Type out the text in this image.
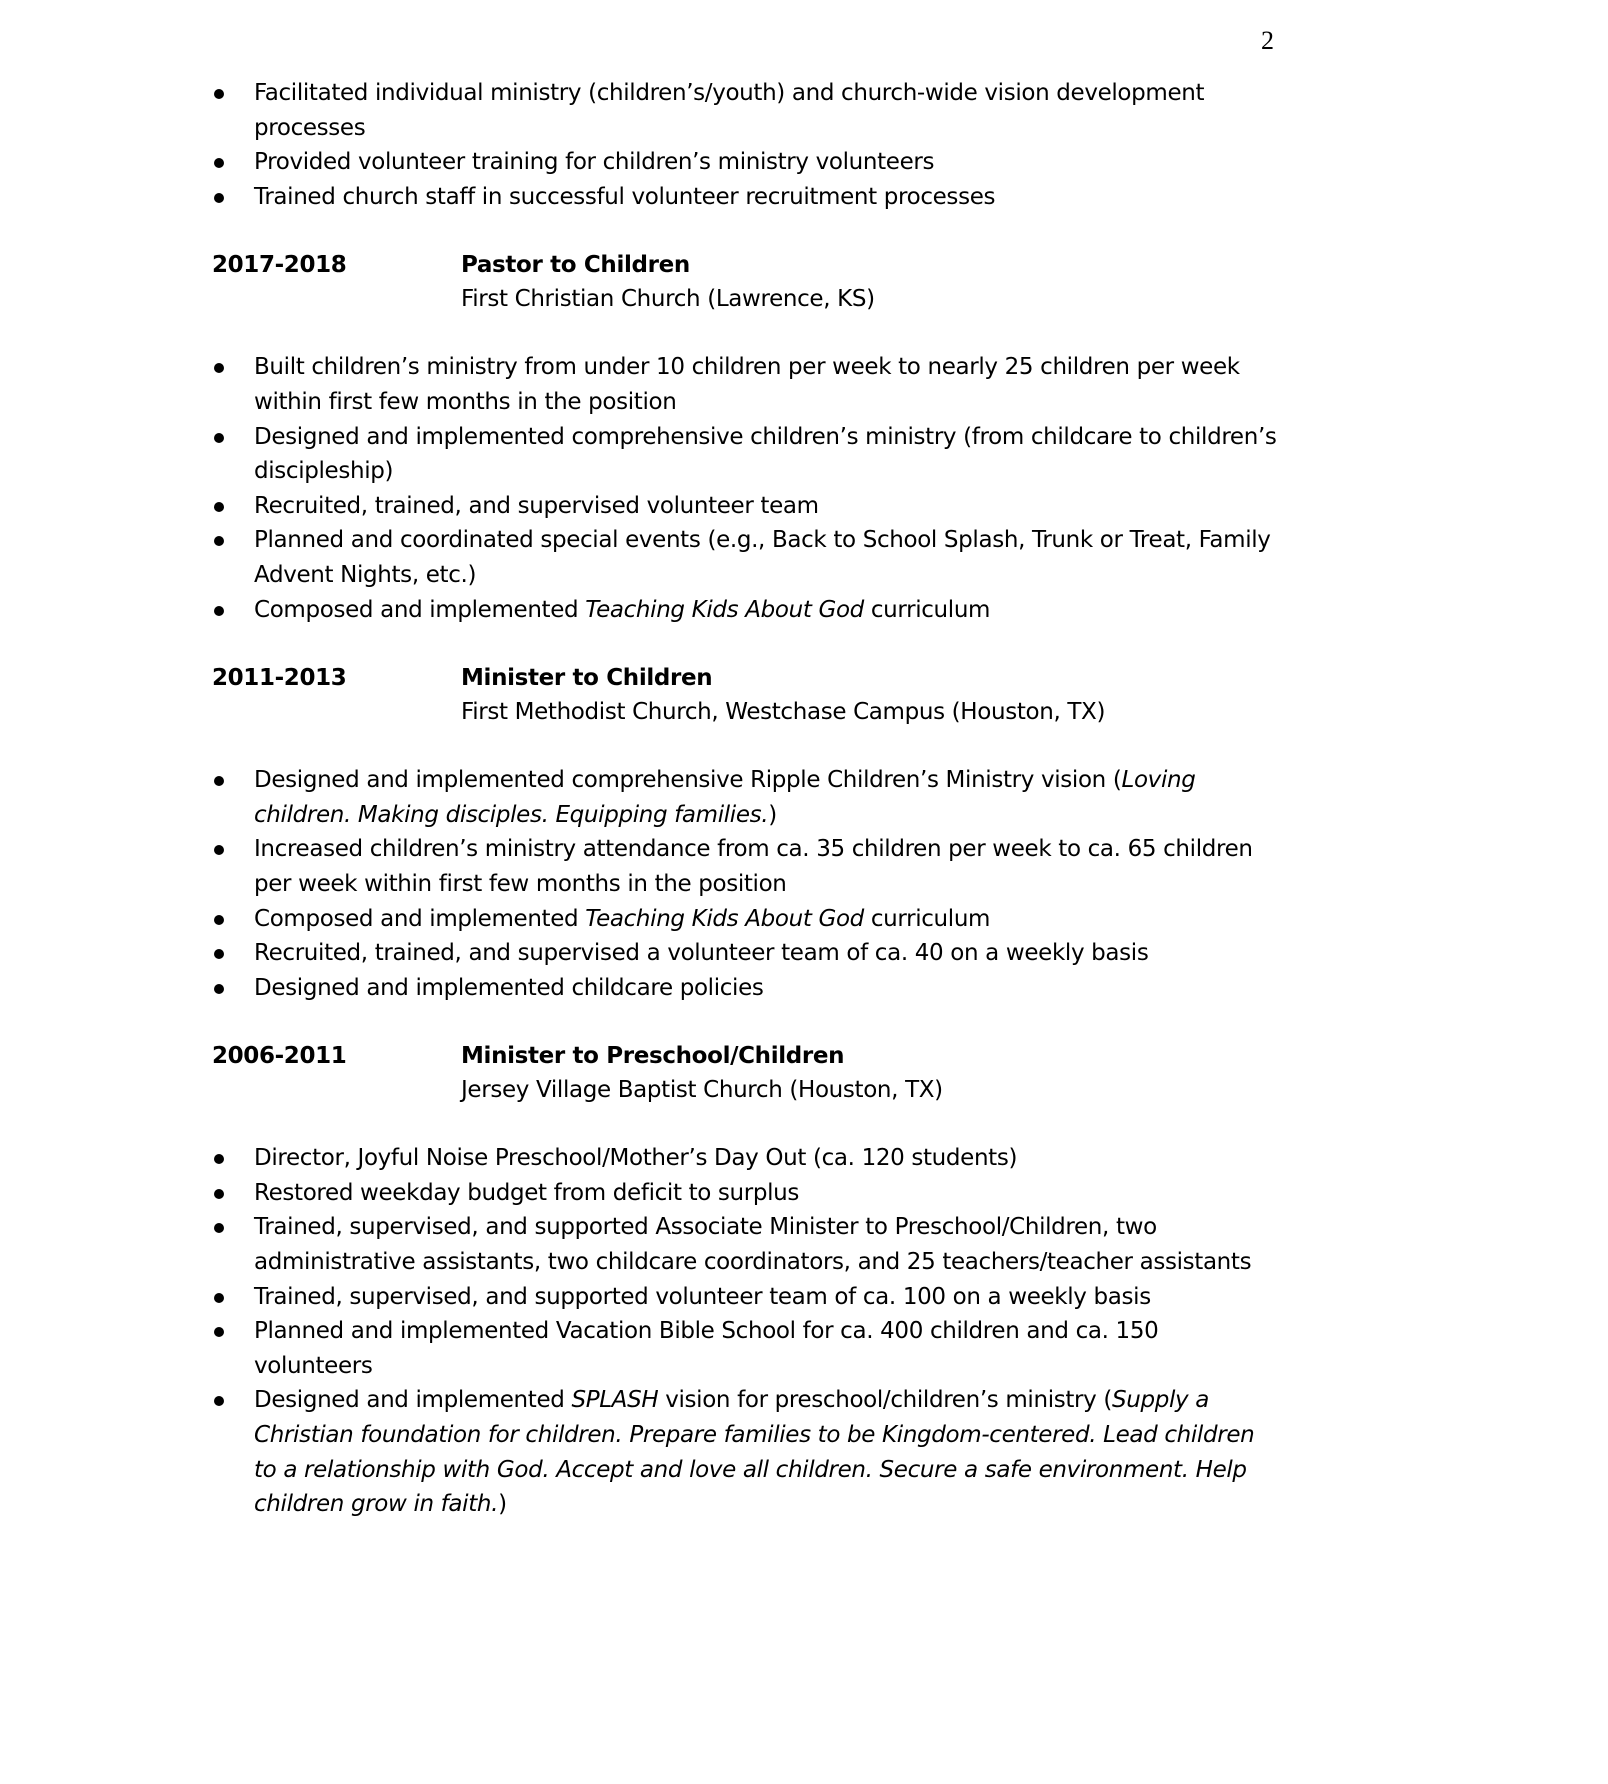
2
Facilitated individual ministry (children’s/youth) and church-wide vision development processes
Provided volunteer training for children’s ministry volunteers
Trained church staff in successful volunteer recruitment processes
2017-2018	Pastor to Children
First Christian Church (Lawrence, KS)
Built children’s ministry from under 10 children per week to nearly 25 children per week within first few months in the position
Designed and implemented comprehensive children’s ministry (from childcare to children’s discipleship)
Recruited, trained, and supervised volunteer team
Planned and coordinated special events (e.g., Back to School Splash, Trunk or Treat, Family Advent Nights, etc.)
Composed and implemented Teaching Kids About God curriculum
2011-2013	Minister to Children
First Methodist Church, Westchase Campus (Houston, TX)
Designed and implemented comprehensive Ripple Children’s Ministry vision (Loving children. Making disciples. Equipping families.)
Increased children’s ministry attendance from ca. 35 children per week to ca. 65 children per week within first few months in the position
Composed and implemented Teaching Kids About God curriculum
Recruited, trained, and supervised a volunteer team of ca. 40 on a weekly basis
Designed and implemented childcare policies
2006-2011	Minister to Preschool/Children
Jersey Village Baptist Church (Houston, TX)
Director, Joyful Noise Preschool/Mother’s Day Out (ca. 120 students)
Restored weekday budget from deficit to surplus
Trained, supervised, and supported Associate Minister to Preschool/Children, two administrative assistants, two childcare coordinators, and 25 teachers/teacher assistants
Trained, supervised, and supported volunteer team of ca. 100 on a weekly basis
Planned and implemented Vacation Bible School for ca. 400 children and ca. 150 volunteers
Designed and implemented SPLASH vision for preschool/children’s ministry (Supply a Christian foundation for children. Prepare families to be Kingdom-centered. Lead children to a relationship with God. Accept and love all children. Secure a safe environment. Help children grow in faith.)
